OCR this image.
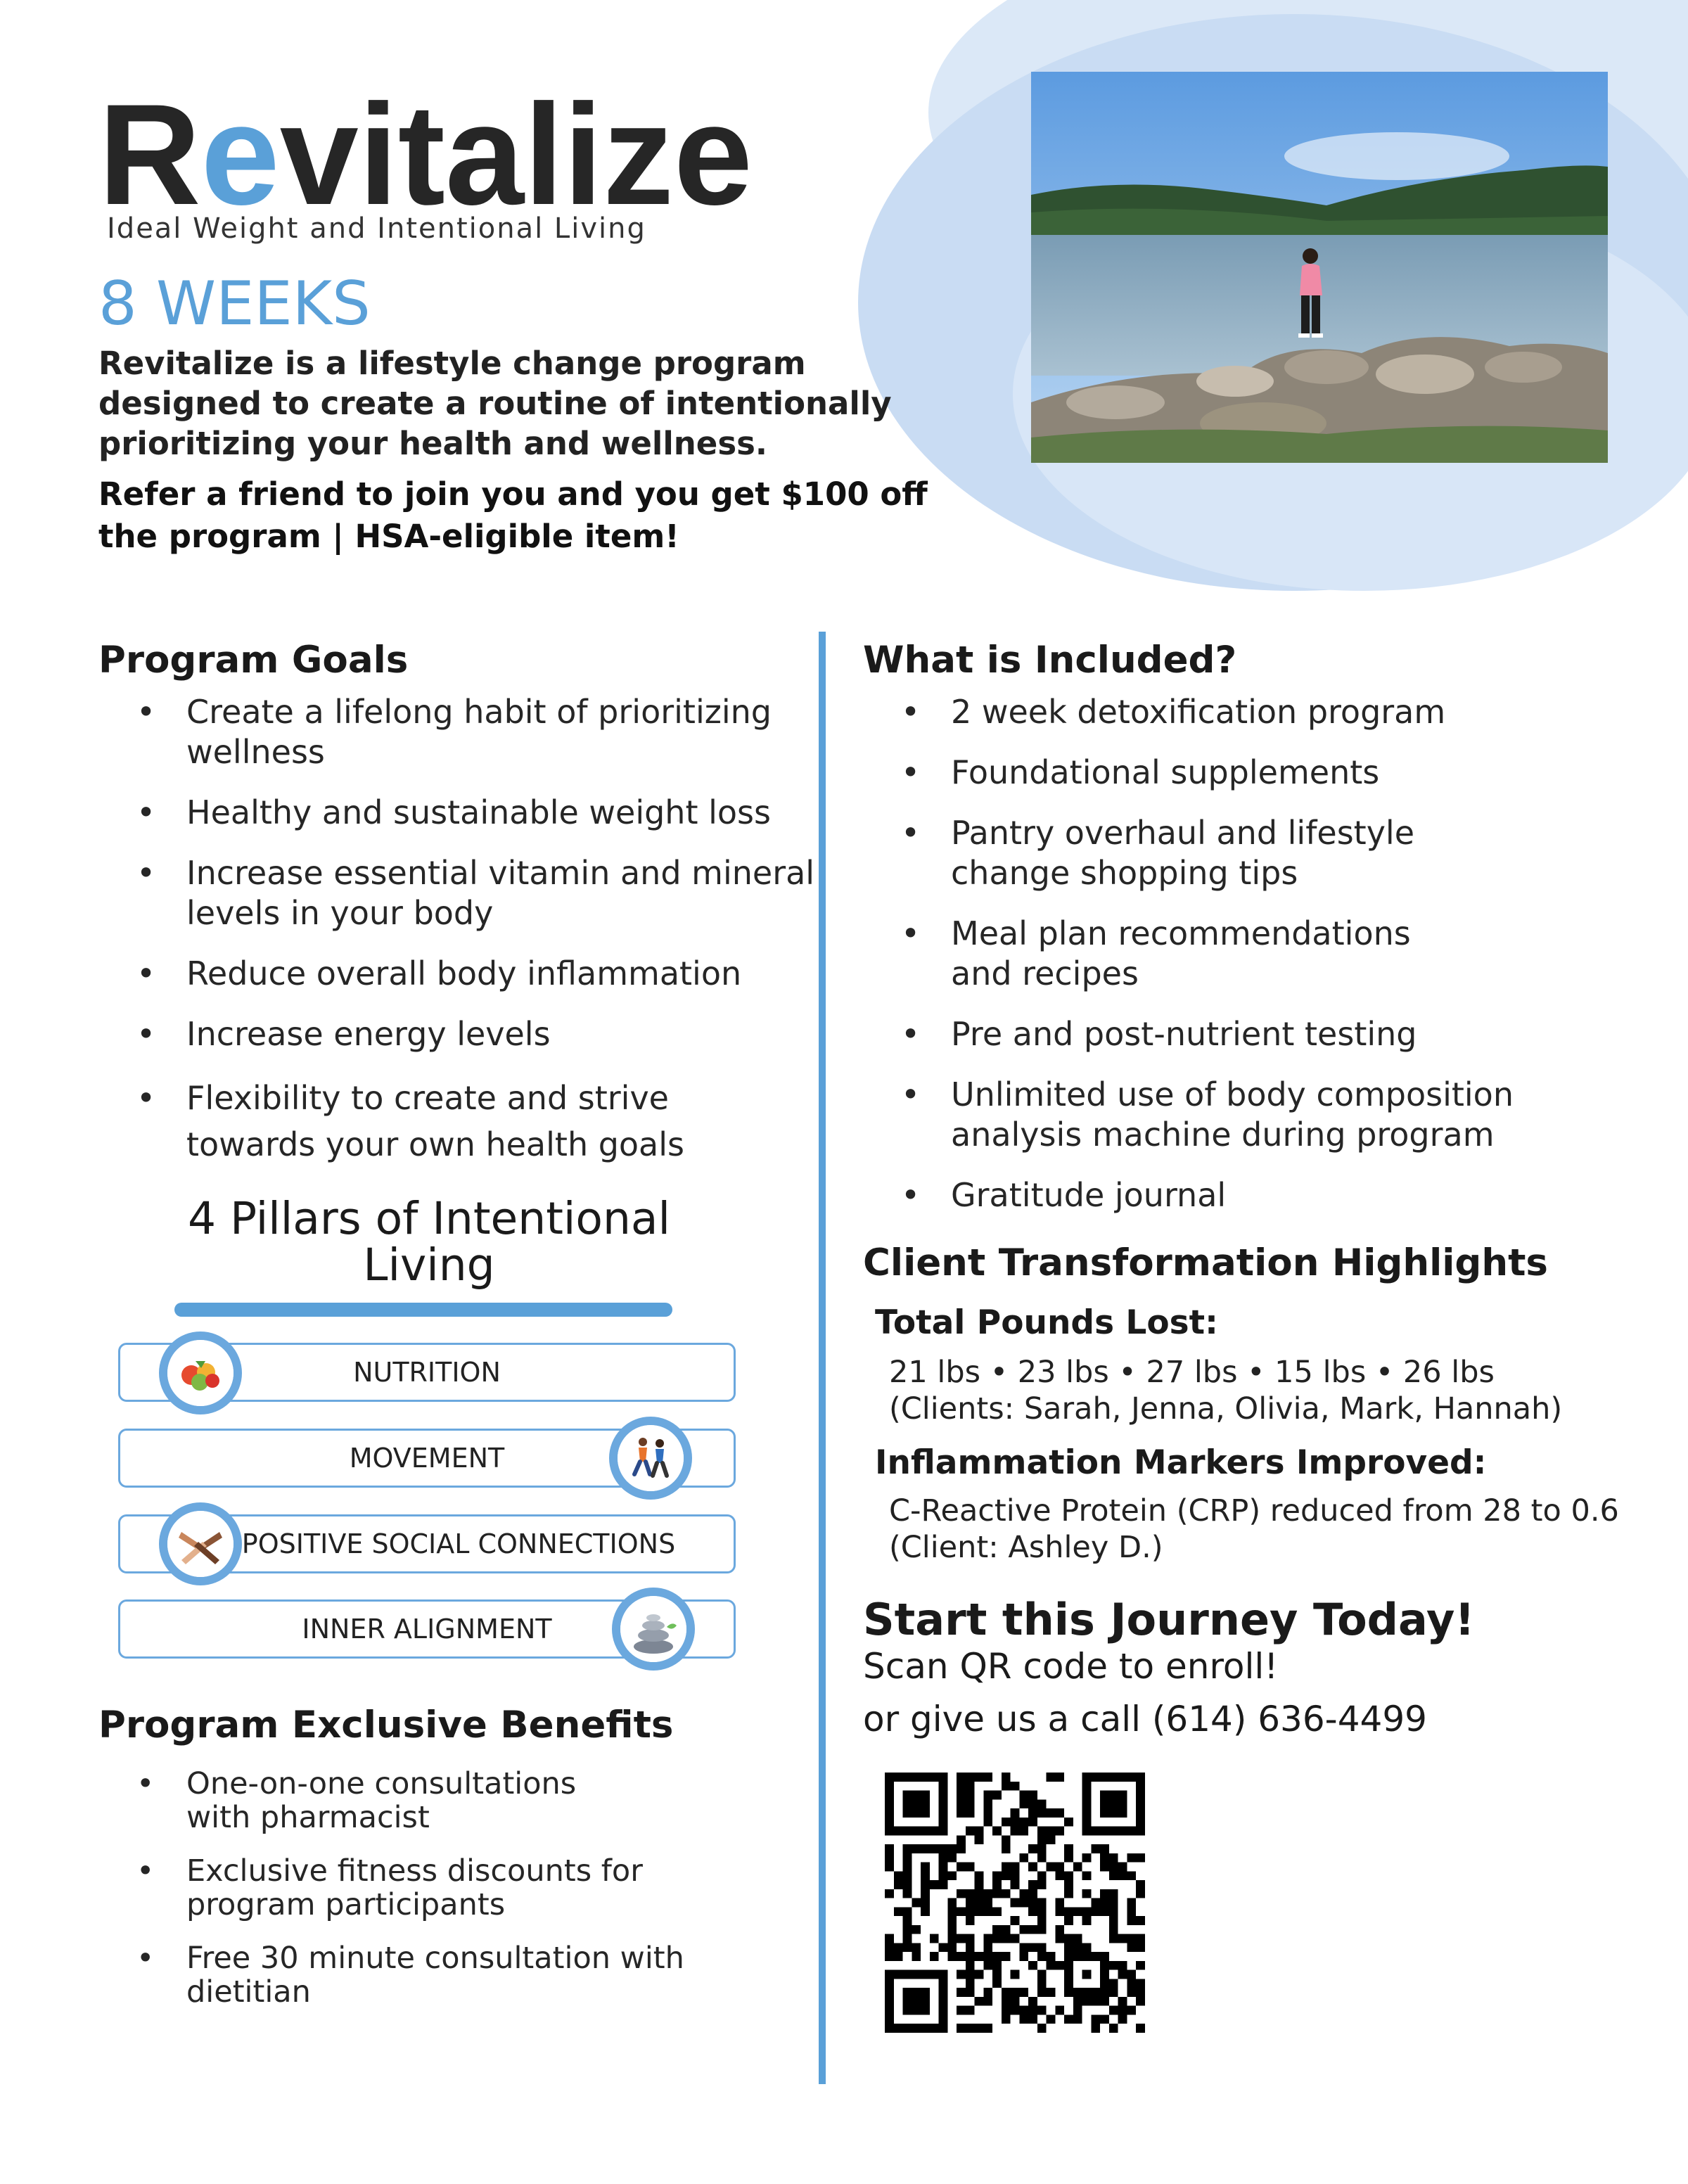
Revitalize
Ideal Weight and Intentional Living
8 WEEKS
Revitalize is a lifestyle change program designed to create a routine of intentionally prioritizing your health and wellness.
Refer a friend to join you and you get $100 off the program | HSA-eligible item!
Program Goals
• Create a lifelong habit of prioritizing wellness
• Healthy and sustainable weight loss
• Increase essential vitamin and mineral levels in your body
• Reduce overall body inflammation
• Increase energy levels
• Flexibility to create and strive towards your own health goals
4 Pillars of Intentional Living
NUTRITION
MOVEMENT
POSITIVE SOCIAL CONNECTIONS
INNER ALIGNMENT
Program Exclusive Benefits
• One-on-one consultations with pharmacist
• Exclusive fitness discounts for program participants
• Free 30 minute consultation with dietitian
What is Included?
• 2 week detoxification program
• Foundational supplements
• Pantry overhaul and lifestyle change shopping tips
• Meal plan recommendations and recipes
• Pre and post-nutrient testing
• Unlimited use of body composition analysis machine during program
• Gratitude journal
Client Transformation Highlights
Total Pounds Lost:
21 lbs • 23 lbs • 27 lbs • 15 lbs • 26 lbs
(Clients: Sarah, Jenna, Olivia, Mark, Hannah)
Inflammation Markers Improved:
C-Reactive Protein (CRP) reduced from 28 to 0.6
(Client: Ashley D.)
Start this Journey Today!
Scan QR code to enroll!
or give us a call (614) 636-4499
